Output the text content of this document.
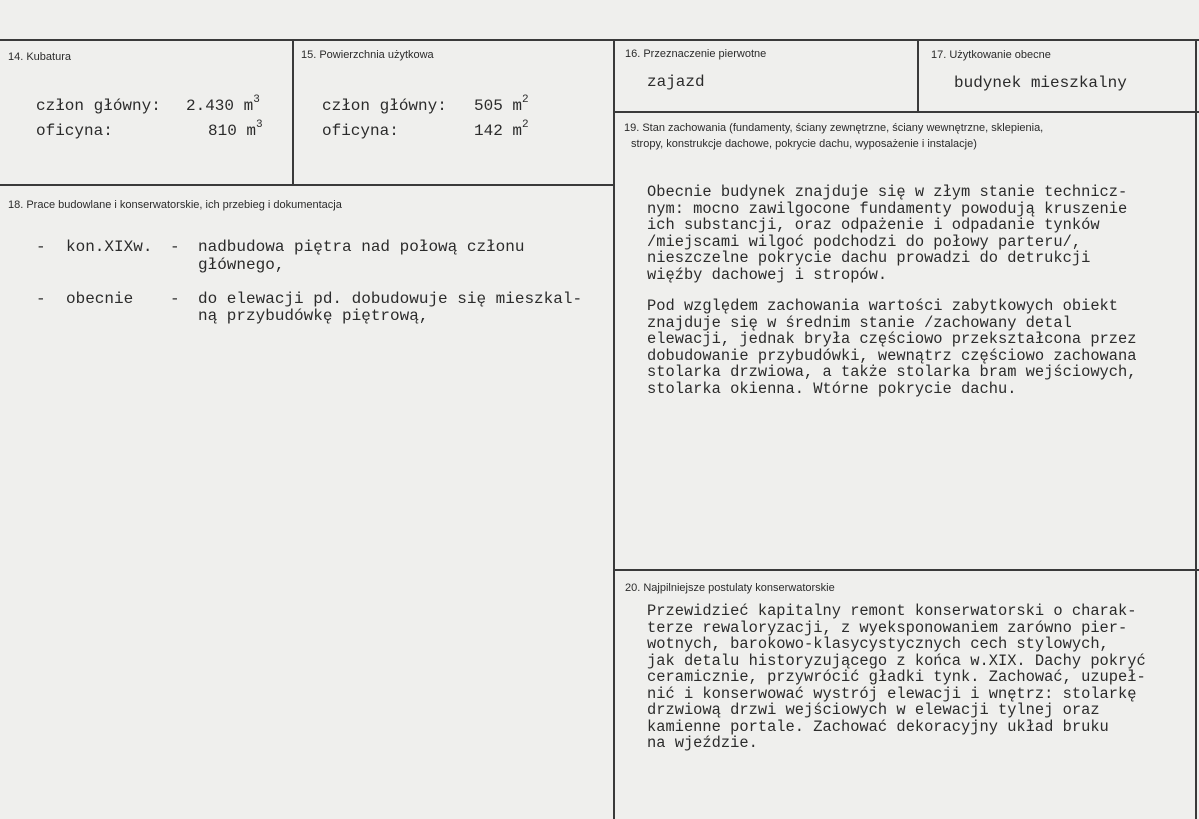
14. Kubatura
człon główny: 2.430 $m^3$
oficyna:	810 $m^3$
15. Powierzchnia użytkowa
człon główny: 505 $m^2$
oficyna:	142 $m^2$
16. Przeznaczenie pierwotne
zajazd
17. Użytkowanie obecne
budynek mieszkalny
19. Stan zachowania (fundamenty, ściany zewnętrzne, ściany wewnętrzne, sklepienia,
stropy, konstrukcje dachowe, pokrycie dachu, wyposażenie i instalacje)
Obecnie budynek znajduje się w złym stanie technicz-
nym: mocno zawilgocone fundamenty powodują kruszenie
ich substancji, oraz odpażenie i odpadanie tynków
/miejscami wilgoć podchodzi do połowy parteru/,
nieszczelne pokrycie dachu prowadzi do detrukcji
więźby dachowej i stropów.
Pod względem zachowania wartości zabytkowych obiekt
znajduje się w średnim stanie /zachowany detal
elewacji, jednak bryła częściowo przekształcona przez
dobudowanie przybudówki, wewnątrz częściowo zachowana
stolarka drzwiowa, a także stolarka bram wejściowych,
stolarka okienna. Wtórne pokrycie dachu.
18. Prace budowlane i konserwatorskie, ich przebieg i dokumentacja
- kon.XIXw. - nadbudowa piętra nad połową członu
głównego,
- obecnie - do elewacji pd. dobudowuje się mieszkal-
ną przybudówkę piętrową,
20. Najpilniejsze postulaty konserwatorskie
Przewidzieć kapitalny remont konserwatorski o charak-
terze rewaloryzacji, z wyeksponowaniem zarówno pier-
wotnych, barokowo-klasycystycznych cech stylowych,
jak detalu historyzującego z końca w.XIX. Dachy pokryć
ceramicznie, przywrócić gładki tynk. Zachować, uzupeł-
nić i konserwować wystrój elewacji i wnętrz: stolarkę
drzwiową drzwi wejściowych w elewacji tylnej oraz
kamienne portale. Zachować dekoracyjny układ bruku
na wjeździe.
